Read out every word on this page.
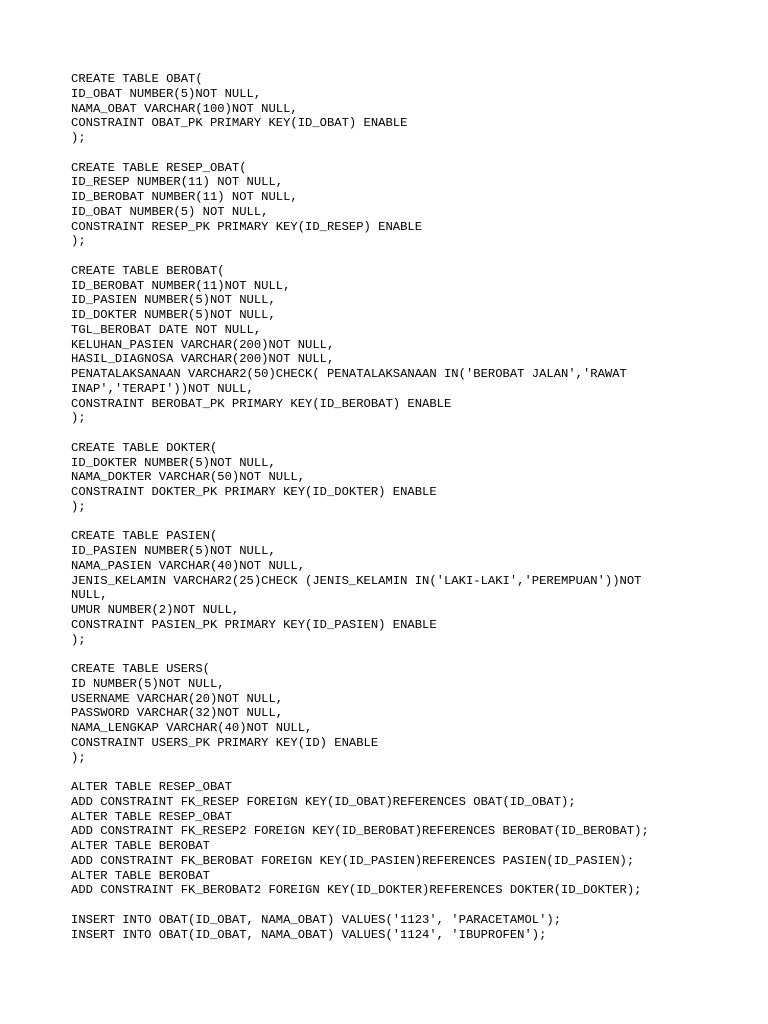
CREATE TABLE OBAT(
ID_OBAT NUMBER(5)NOT NULL,
NAMA_OBAT VARCHAR(100)NOT NULL,
CONSTRAINT OBAT_PK PRIMARY KEY(ID_OBAT) ENABLE
);
CREATE TABLE RESEP_OBAT(
ID_RESEP NUMBER(11) NOT NULL,
ID_BEROBAT NUMBER(11) NOT NULL,
ID_OBAT NUMBER(5) NOT NULL,
CONSTRAINT RESEP_PK PRIMARY KEY(ID_RESEP) ENABLE
);
CREATE TABLE BEROBAT(
ID_BEROBAT NUMBER(11)NOT NULL,
ID_PASIEN NUMBER(5)NOT NULL,
ID_DOKTER NUMBER(5)NOT NULL,
TGL_BEROBAT DATE NOT NULL,
KELUHAN_PASIEN VARCHAR(200)NOT NULL,
HASIL_DIAGNOSA VARCHAR(200)NOT NULL,
PENATALAKSANAAN VARCHAR2(50)CHECK( PENATALAKSANAAN IN('BEROBAT JALAN','RAWAT
INAP','TERAPI'))NOT NULL,
CONSTRAINT BEROBAT_PK PRIMARY KEY(ID_BEROBAT) ENABLE
);
CREATE TABLE DOKTER(
ID_DOKTER NUMBER(5)NOT NULL,
NAMA_DOKTER VARCHAR(50)NOT NULL,
CONSTRAINT DOKTER_PK PRIMARY KEY(ID_DOKTER) ENABLE
);
CREATE TABLE PASIEN(
ID_PASIEN NUMBER(5)NOT NULL,
NAMA_PASIEN VARCHAR(40)NOT NULL,
JENIS_KELAMIN VARCHAR2(25)CHECK (JENIS_KELAMIN IN('LAKI-LAKI','PEREMPUAN'))NOT
NULL,
UMUR NUMBER(2)NOT NULL,
CONSTRAINT PASIEN_PK PRIMARY KEY(ID_PASIEN) ENABLE
);
CREATE TABLE USERS(
ID NUMBER(5)NOT NULL,
USERNAME VARCHAR(20)NOT NULL,
PASSWORD VARCHAR(32)NOT NULL,
NAMA_LENGKAP VARCHAR(40)NOT NULL,
CONSTRAINT USERS_PK PRIMARY KEY(ID) ENABLE
);
ALTER TABLE RESEP_OBAT
ADD CONSTRAINT FK_RESEP FOREIGN KEY(ID_OBAT)REFERENCES OBAT(ID_OBAT);
ALTER TABLE RESEP_OBAT
ADD CONSTRAINT FK_RESEP2 FOREIGN KEY(ID_BEROBAT)REFERENCES BEROBAT(ID_BEROBAT);
ALTER TABLE BEROBAT
ADD CONSTRAINT FK_BEROBAT FOREIGN KEY(ID_PASIEN)REFERENCES PASIEN(ID_PASIEN);
ALTER TABLE BEROBAT
ADD CONSTRAINT FK_BEROBAT2 FOREIGN KEY(ID_DOKTER)REFERENCES DOKTER(ID_DOKTER);
INSERT INTO OBAT(ID_OBAT, NAMA_OBAT) VALUES('1123', 'PARACETAMOL');
INSERT INTO OBAT(ID_OBAT, NAMA_OBAT) VALUES('1124', 'IBUPROFEN');
